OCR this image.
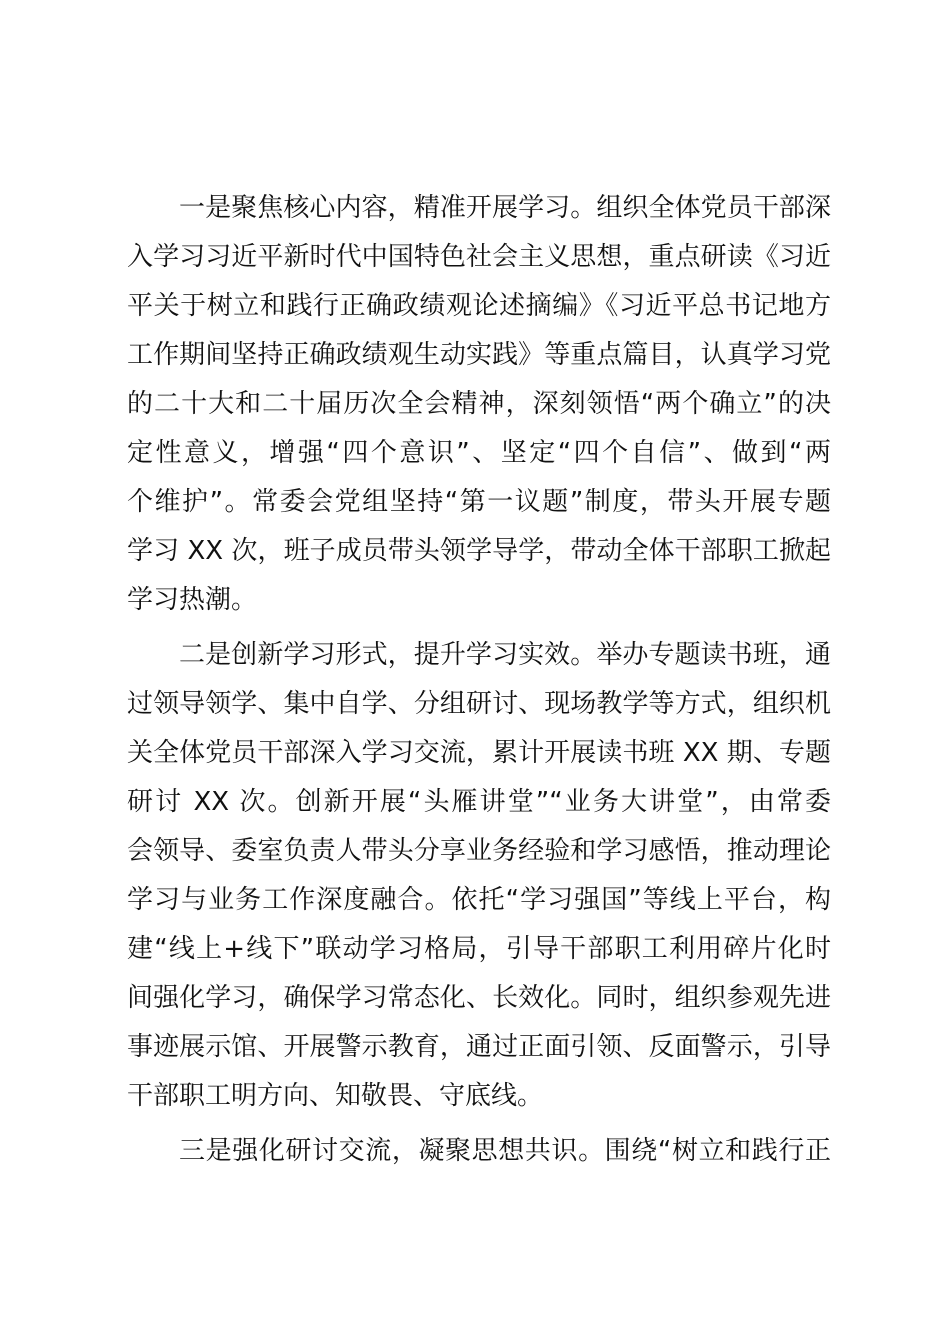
一是聚焦核心内容，精准开展学习。组织全体党员干部深
入学习习近平新时代中国特色社会主义思想，重点研读《习近
平关于树立和践行正确政绩观论述摘编》《习近平总书记地方
工作期间坚持正确政绩观生动实践》等重点篇目，认真学习党
的二十大和二十届历次全会精神，深刻领悟“两个确立”的决
定性意义，增强“四个意识”、坚定“四个自信”、做到“两
个维护”。常委会党组坚持“第一议题”制度，带头开展专题
学习 XX 次，班子成员带头领学导学，带动全体干部职工掀起
学习热潮。
二是创新学习形式，提升学习实效。举办专题读书班，通
过领导领学、集中自学、分组研讨、现场教学等方式，组织机
关全体党员干部深入学习交流，累计开展读书班 XX 期、专题
研讨 XX 次。创新开展“头雁讲堂”“业务大讲堂”，由常委
会领导、委室负责人带头分享业务经验和学习感悟，推动理论
学习与业务工作深度融合。依托“学习强国”等线上平台，构
建“线上+线下”联动学习格局，引导干部职工利用碎片化时
间强化学习，确保学习常态化、长效化。同时，组织参观先进
事迹展示馆、开展警示教育，通过正面引领、反面警示，引导
干部职工明方向、知敬畏、守底线。
三是强化研讨交流，凝聚思想共识。围绕“树立和践行正
